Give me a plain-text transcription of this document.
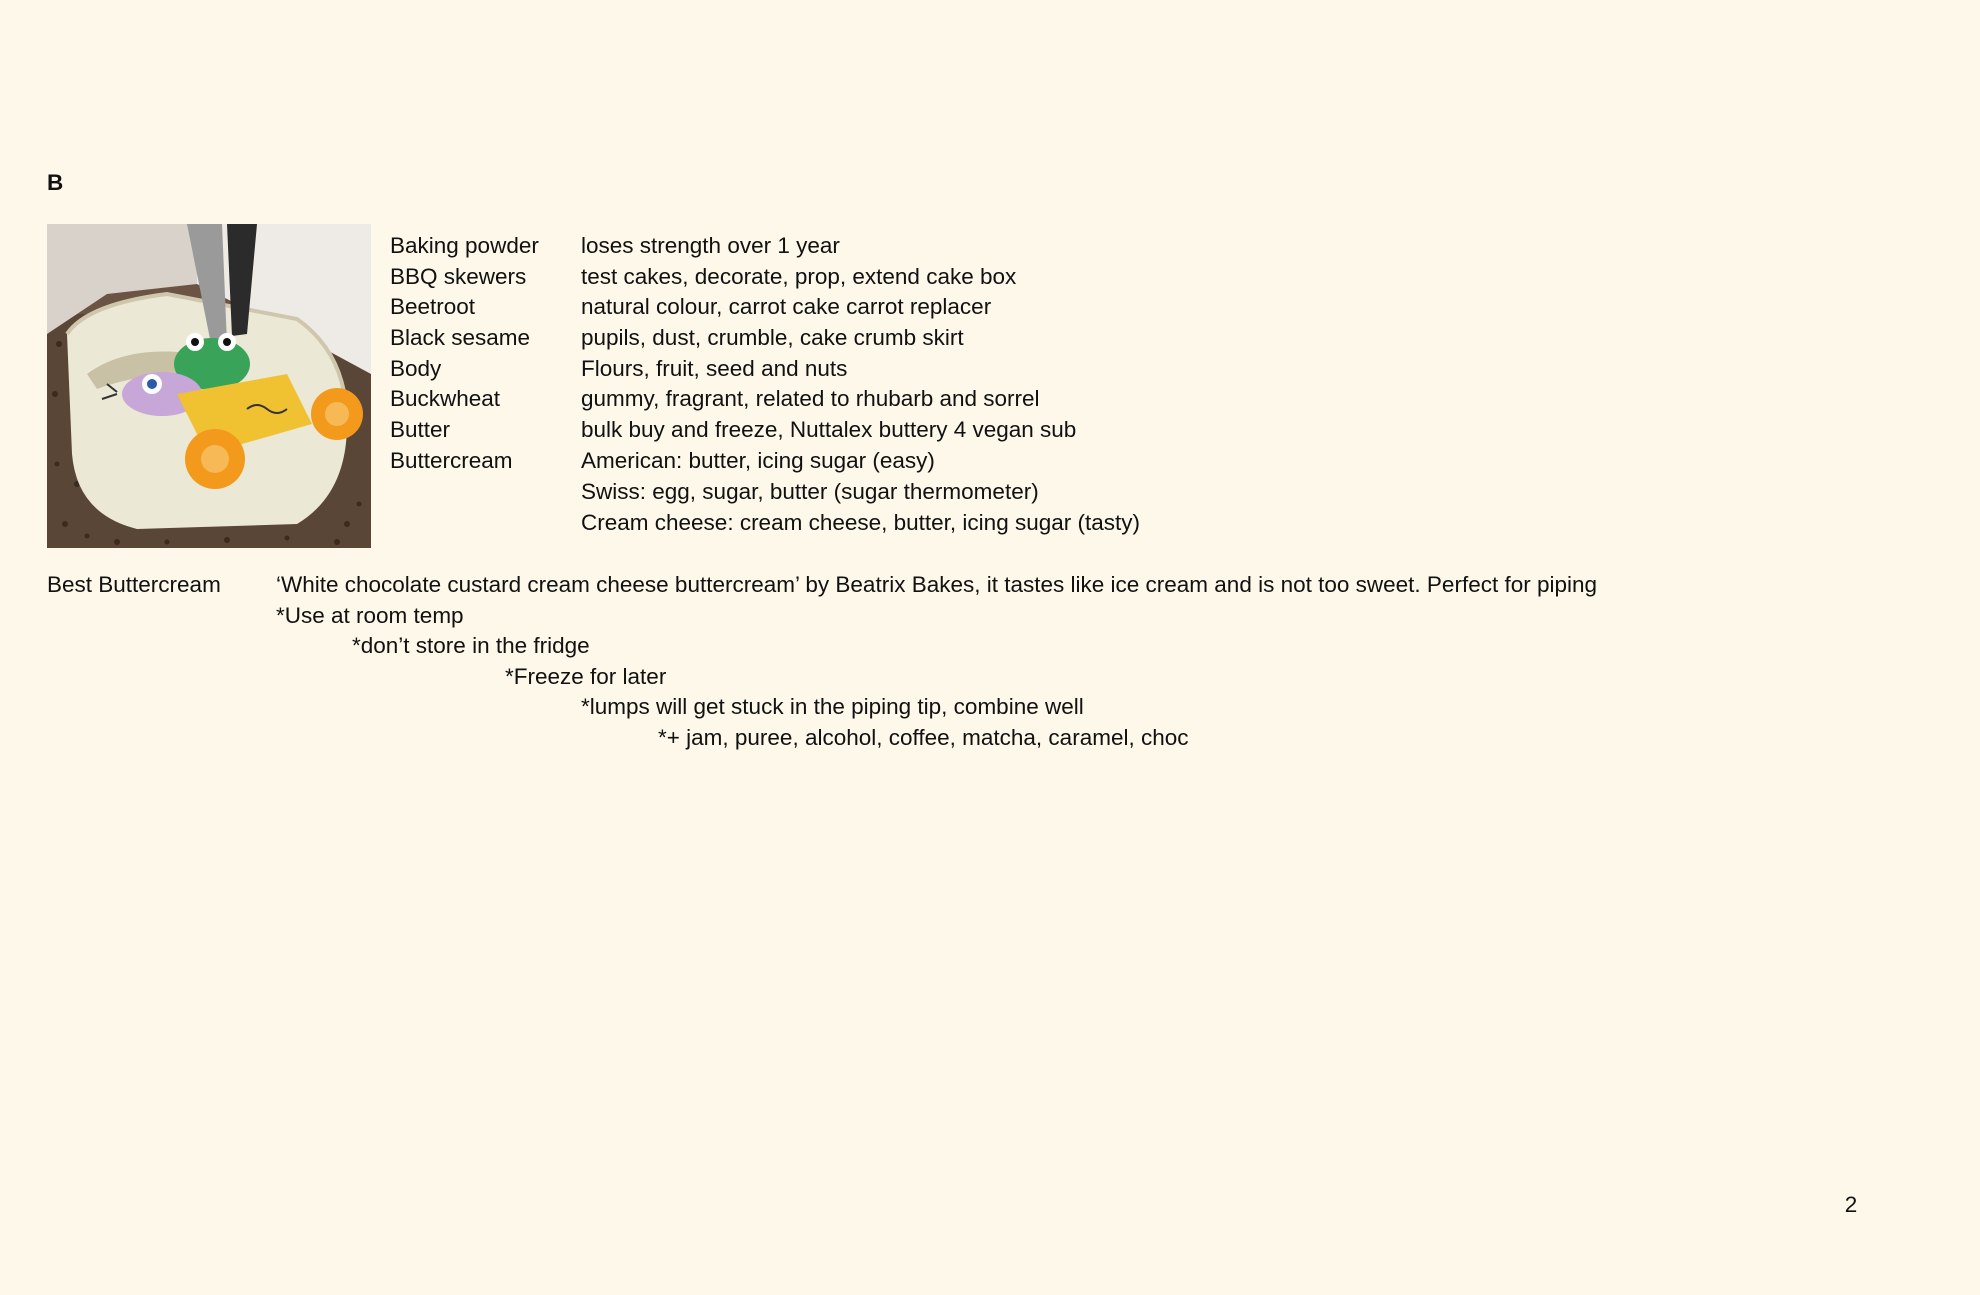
B
Baking powder
BBQ skewers
Beetroot
Black sesame
Body
Buckwheat
Butter
Buttercream
loses strength over 1 year
test cakes, decorate, prop, extend cake box
natural colour, carrot cake carrot replacer
pupils, dust, crumble, cake crumb skirt
Flours, fruit, seed and nuts
gummy, fragrant, related to rhubarb and sorrel
bulk buy and freeze, Nuttalex buttery 4 vegan sub
American: butter, icing sugar (easy)
Swiss: egg, sugar, butter (sugar thermometer)
Cream cheese: cream cheese, butter, icing sugar (tasty)
Best Buttercream ‘White chocolate custard cream cheese buttercream’ by Beatrix Bakes, it tastes like ice cream and is not too sweet. Perfect for piping
*Use at room temp
*don’t store in the fridge
*Freeze for later
*lumps will get stuck in the piping tip, combine well
*+ jam, puree, alcohol, coffee, matcha, caramel, choc
2
